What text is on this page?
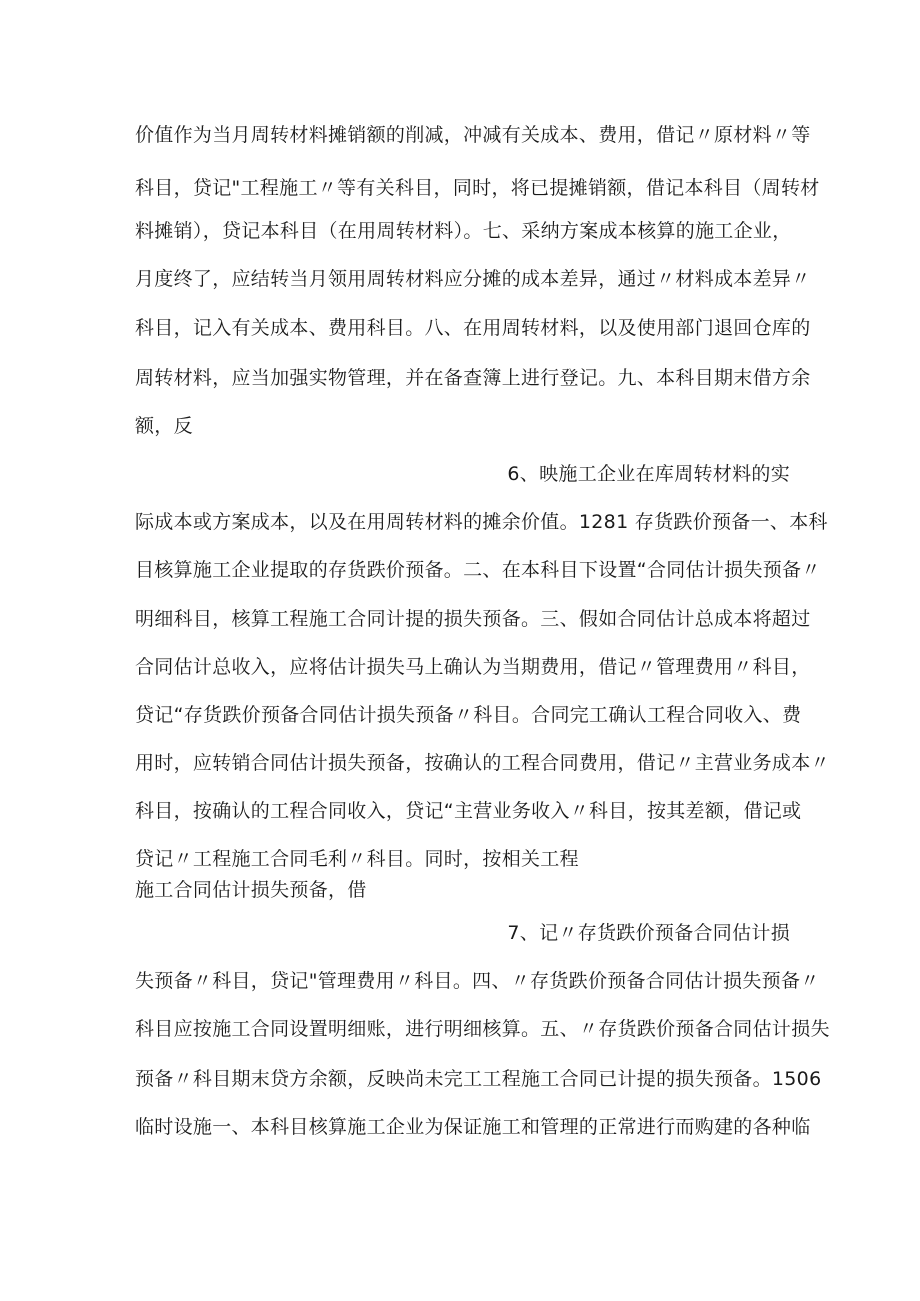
价值作为当月周转材料摊销额的削减，冲减有关成本、费用，借记〃原材料〃等
科目，贷记"工程施工〃等有关科目，同时，将已提摊销额，借记本科目（周转材
料摊销），贷记本科目（在用周转材料）。七、采纳方案成本核算的施工企业，
月度终了，应结转当月领用周转材料应分摊的成本差异，通过〃材料成本差异〃
科目，记入有关成本、费用科目。八、在用周转材料，以及使用部门退回仓库的
周转材料，应当加强实物管理，并在备查簿上进行登记。九、本科目期末借方余
额，反
6、映施工企业在库周转材料的实
际成本或方案成本，以及在用周转材料的摊余价值。1281 存货跌价预备一、本科
目核算施工企业提取的存货跌价预备。二、在本科目下设置“合同估计损失预备〃
明细科目，核算工程施工合同计提的损失预备。三、假如合同估计总成本将超过
合同估计总收入，应将估计损失马上确认为当期费用，借记〃管理费用〃科目，
贷记“存货跌价预备合同估计损失预备〃科目。合同完工确认工程合同收入、费
用时，应转销合同估计损失预备，按确认的工程合同费用，借记〃主营业务成本〃
科目，按确认的工程合同收入，贷记“主营业务收入〃科目，按其差额，借记或
贷记〃工程施工合同毛利〃科目。同时，按相关工程
施工合同估计损失预备，借
7、记〃存货跌价预备合同估计损
失预备〃科目，贷记"管理费用〃科目。四、〃存货跌价预备合同估计损失预备〃
科目应按施工合同设置明细账，进行明细核算。五、〃存货跌价预备合同估计损失
预备〃科目期末贷方余额，反映尚未完工工程施工合同已计提的损失预备。1506
临时设施一、本科目核算施工企业为保证施工和管理的正常进行而购建的各种临
